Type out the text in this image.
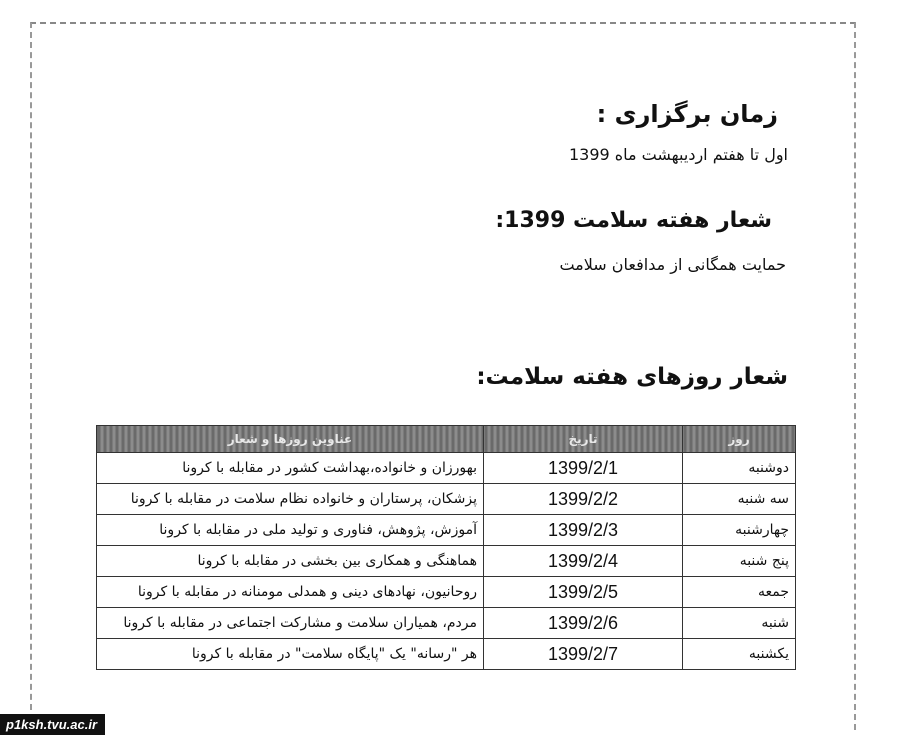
زمان برگزاری :
اول تا هفتم اردیبهشت ماه 1399
شعار هفته سلامت 1399:
حمایت همگانی از مدافعان سلامت
شعار روزهای هفته سلامت:
روز	تاریخ	عناوین روزها و شعار
دوشنبه	1399/2/1	بهورزان و خانواده،بهداشت کشور در مقابله با کرونا
سه شنبه	1399/2/2	پزشکان، پرستاران و خانواده نظام سلامت در مقابله با کرونا
چهارشنبه	1399/2/3	آموزش، پژوهش، فناوری و تولید ملی در مقابله با کرونا
پنج شنبه	1399/2/4	هماهنگی و همکاری بین بخشی در مقابله با کرونا
جمعه	1399/2/5	روحانیون، نهادهای دینی و همدلی مومنانه در مقابله با کرونا
شنبه	1399/2/6	مردم، همیاران سلامت و مشارکت اجتماعی در مقابله با کرونا
یکشنبه	1399/2/7	هر "رسانه" یک "پایگاه سلامت" در مقابله با کرونا
p1ksh.tvu.ac.ir
